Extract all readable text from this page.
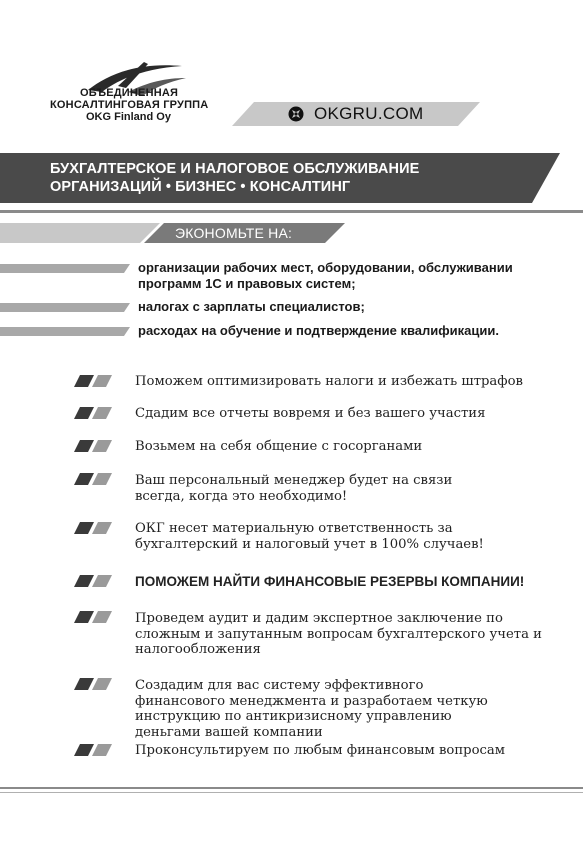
ОБЪЕДИНЕННАЯ
КОНСАЛТИНГОВАЯ ГРУППА
OKG Finland Oy	OKGRU.COM
БУХГАЛТЕРСКОЕ И НАЛОГОВОЕ ОБСЛУЖИВАНИЕ
ОРГАНИЗАЦИЙ • БИЗНЕС • КОНСАЛТИНГ
ЭКОНОМЬТЕ НА:
организации рабочих мест, оборудовании, обслуживании программ 1С и правовых систем;
налогах с зарплаты специалистов;
расходах на обучение и подтверждение квалификации.
Поможем оптимизировать налоги и избежать штрафов
Сдадим все отчеты вовремя и без вашего участия
Возьмем на себя общение с госорганами
Ваш персональный менеджер будет на связи всегда, когда это необходимо!
ОКГ несет материальную ответственность за бухгалтерский и налоговый учет в 100% случаев!
ПОМОЖЕМ НАЙТИ ФИНАНСОВЫЕ РЕЗЕРВЫ КОМПАНИИ!
Проведем аудит и дадим экспертное заключение по сложным и запутанным вопросам бухгалтерского учета и налогообложения
Создадим для вас систему эффективного финансового менеджмента и разработаем четкую инструкцию по антикризисному управлению деньгами вашей компании
Проконсультируем по любым финансовым вопросам
